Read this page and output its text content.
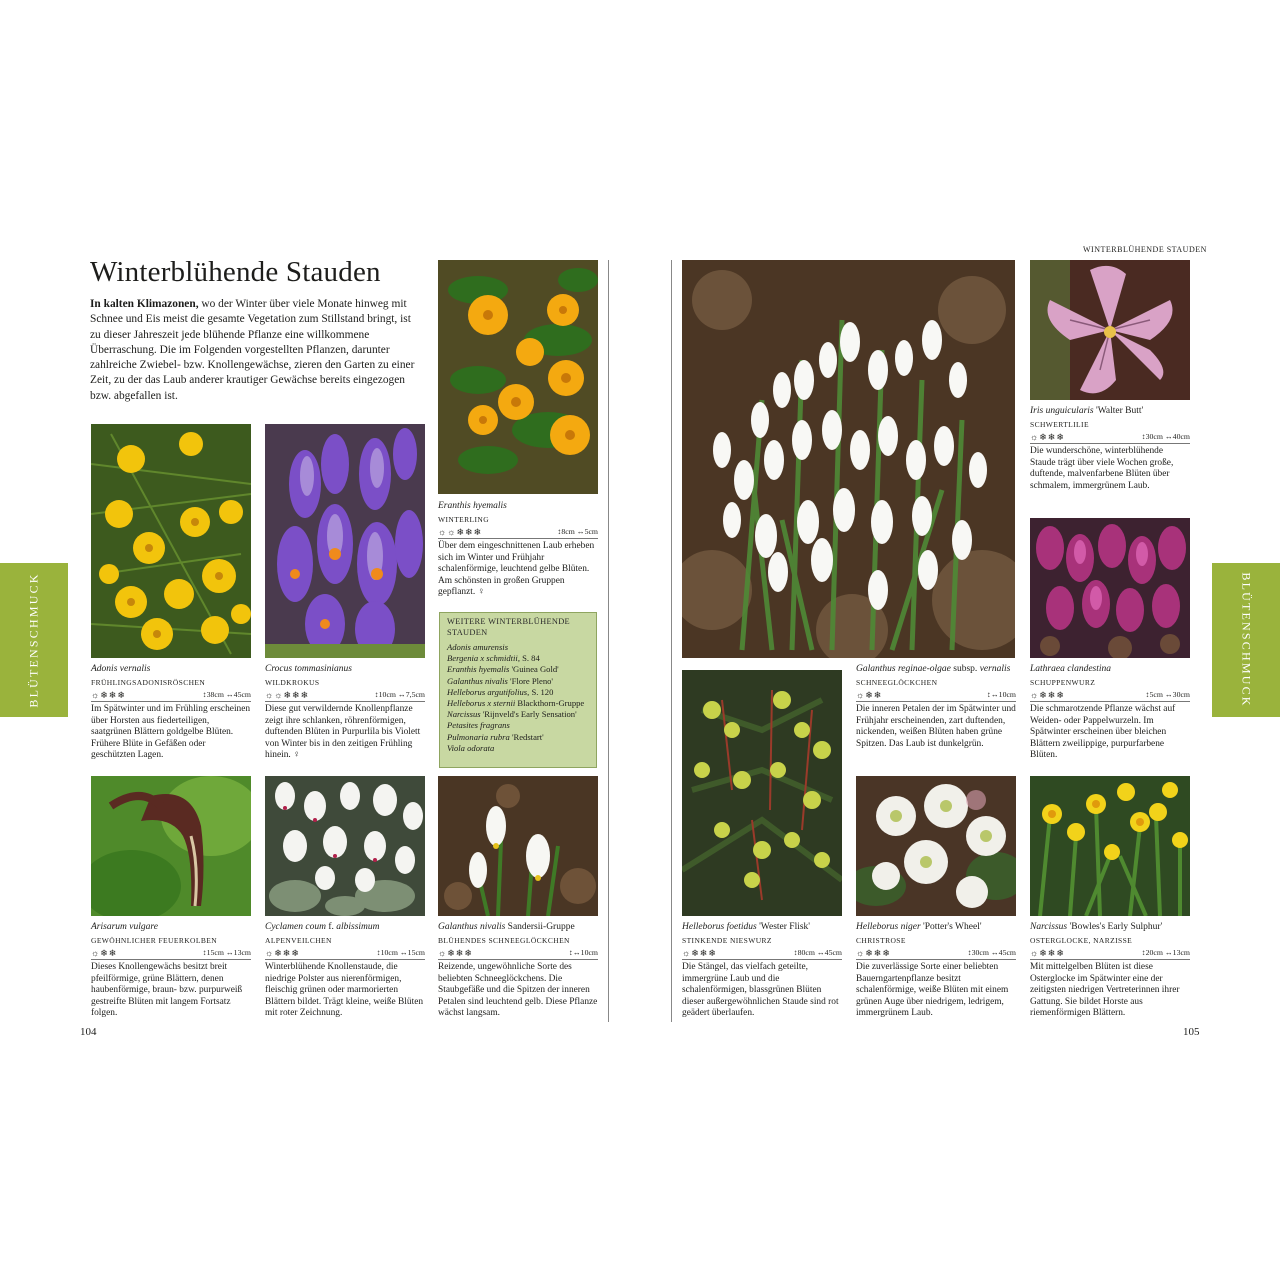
BLÜTENSCHMUCK	BLÜTENSCHMUCK
Winterblühende Stauden
In kalten Klimazonen, wo der Winter über viele Monate hinweg mit Schnee und Eis meist die gesamte Vegetation zum Stillstand bringt, ist zu dieser Jahreszeit jede blühende Pflanze eine willkommene Überraschung. Die im Folgenden vorgestellten Pflanzen, darunter zahlreiche Zwiebel- bzw. Knollengewächse, zieren den Garten zu einer Zeit, zu der das Laub anderer krautiger Gewächse bereits eingezogen bzw. abgefallen ist.
Eranthis hyemalis
WINTERLING
☼☼❄❄❄	↕8cm ↔5cm
Über dem eingeschnittenen Laub erheben sich im Winter und Frühjahr schalenförmige, leuchtend gelbe Blüten. Am schönsten in großen Gruppen gepflanzt. ♀
WEITERE WINTERBLÜHENDE STAUDEN
Adonis amurensis
Bergenia x schmidtii, S. 84
Eranthis hyemalis 'Guinea Gold'
Galanthus nivalis 'Flore Pleno'
Helleborus argutifolius, S. 120
Helleborus x sternii Blackthorn-Gruppe
Narcissus 'Rijnveld's Early Sensation'
Petasites fragrans
Pulmonaria rubra 'Redstart'
Viola odorata
Adonis vernalis
FRÜHLINGSADONISRÖSCHEN
☼❄❄❄	↕38cm ↔45cm
Im Spätwinter und im Frühling erscheinen über Horsten aus fiederteiligen, saatgrünen Blättern goldgelbe Blüten. Frühere Blüte in Gefäßen oder geschützten Lagen.
Crocus tommasinianus
WILDKROKUS
☼☼❄❄❄	↕10cm ↔7,5cm
Diese gut verwildernde Knollenpflanze zeigt ihre schlanken, röhrenförmigen, duftenden Blüten in Purpurlila bis Violett von Winter bis in den zeitigen Frühling hinein. ♀
Arisarum vulgare
GEWÖHNLICHER FEUERKOLBEN
☼❄❄	↕15cm ↔13cm
Dieses Knollengewächs besitzt breit pfeilförmige, grüne Blättern, denen haubenförmige, braun- bzw. purpurweiß gestreifte Blüten mit langem Fortsatz folgen.
Cyclamen coum f. albissimum
ALPENVEILCHEN
☼❄❄❄	↕10cm ↔15cm
Winterblühende Knollenstaude, die niedrige Polster aus nierenförmigen, fleischig grünen oder marmorierten Blättern bildet. Trägt kleine, weiße Blüten mit roter Zeichnung.
Galanthus nivalis Sandersii-Gruppe
BLÜHENDES SCHNEEGLÖCKCHEN
☼❄❄❄	↕↔10cm
Reizende, ungewöhnliche Sorte des beliebten Schneeglöckchens. Die Staubgefäße und die Spitzen der inneren Petalen sind leuchtend gelb. Diese Pflanze wächst langsam.
104
WINTERBLÜHENDE STAUDEN
Galanthus reginae-olgae subsp. vernalis
SCHNEEGLÖCKCHEN
☼❄❄	↕↔10cm
Die inneren Petalen der im Spätwinter und Frühjahr erscheinenden, zart duftenden, nickenden, weißen Blüten haben grüne Spitzen. Das Laub ist dunkelgrün.
Iris unguicularis 'Walter Butt'
SCHWERTLILIE
☼❄❄❄	↕30cm ↔40cm
Die wunderschöne, winterblühende Staude trägt über viele Wochen große, duftende, malvenfarbene Blüten über schmalem, immergrünem Laub.
Lathraea clandestina
SCHUPPENWURZ
☼❄❄❄	↕5cm ↔30cm
Die schmarotzende Pflanze wächst auf Weiden- oder Pappelwurzeln. Im Spätwinter erscheinen über bleichen Blättern zweilippige, purpurfarbene Blüten.
Helleborus foetidus 'Wester Flisk'
STINKENDE NIESWURZ
☼❄❄❄	↕80cm ↔45cm
Die Stängel, das vielfach geteilte, immergrüne Laub und die schalenförmigen, blassgrünen Blüten dieser außergewöhnlichen Staude sind rot geädert überlaufen.
Helleborus niger 'Potter's Wheel'
CHRISTROSE
☼❄❄❄	↕30cm ↔45cm
Die zuverlässige Sorte einer beliebten Bauerngartenpflanze besitzt schalenförmige, weiße Blüten mit einem grünen Auge über niedrigem, ledrigem, immergrünem Laub.
Narcissus 'Bowles's Early Sulphur'
OSTERGLOCKE, NARZISSE
☼❄❄❄	↕20cm ↔13cm
Mit mittelgelben Blüten ist diese Osterglocke im Spätwinter eine der zeitigsten niedrigen Vertreterinnen ihrer Gattung. Sie bildet Horste aus riemenförmigen Blättern.
105
